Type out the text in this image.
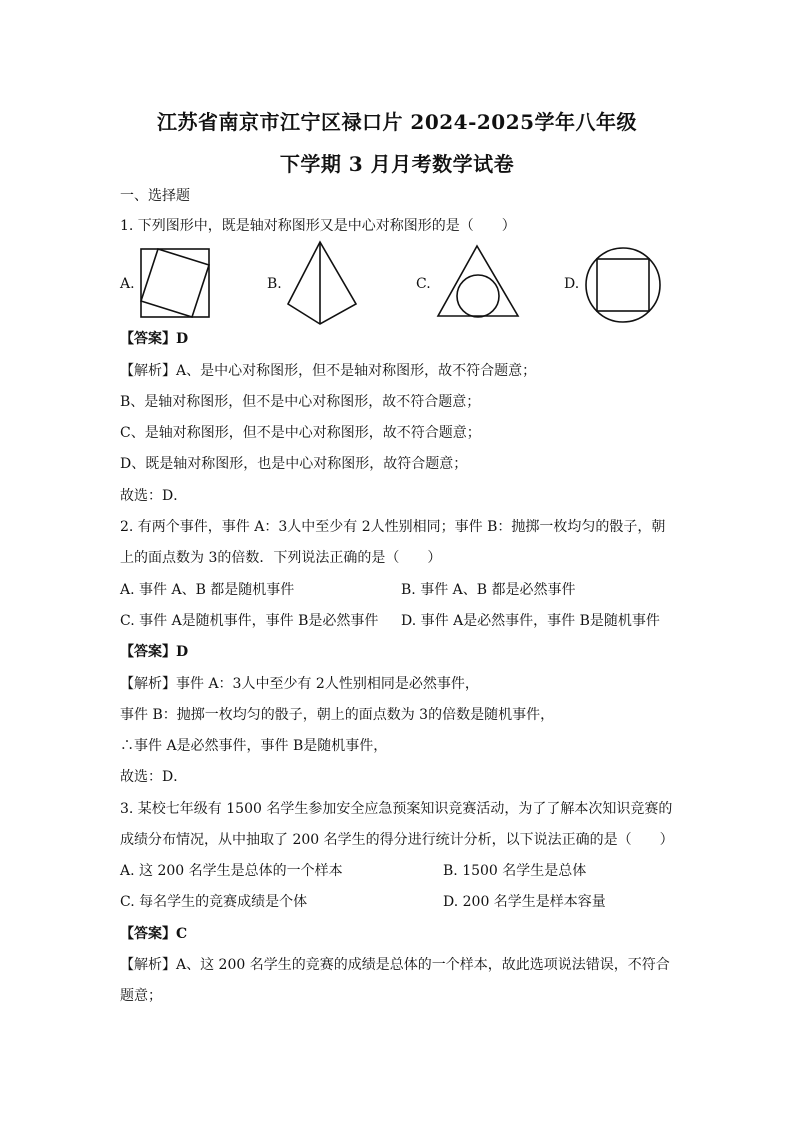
江苏省南京市江宁区禄口片 2024-2025学年八年级
下学期 3 月月考数学试卷
一、选择题
1. 下列图形中，既是轴对称图形又是中心对称图形的是（　　）
A.	B.	C.	D.
【答案】D
【解析】A、是中心对称图形，但不是轴对称图形，故不符合题意；
B、是轴对称图形，但不是中心对称图形，故不符合题意；
C、是轴对称图形，但不是中心对称图形，故不符合题意；
D、既是轴对称图形，也是中心对称图形，故符合题意；
故选：D．
2. 有两个事件，事件 A：3人中至少有 2人性别相同；事件 B：抛掷一枚均匀的骰子，朝
上的面点数为 3的倍数．下列说法正确的是（　　）
A. 事件 A、B 都是随机事件	B. 事件 A、B 都是必然事件
C. 事件 A是随机事件，事件 B是必然事件 D. 事件 A是必然事件，事件 B是随机事件
【答案】D
【解析】事件 A：3人中至少有 2人性别相同是必然事件，
事件 B：抛掷一枚均匀的骰子，朝上的面点数为 3的倍数是随机事件，
∴事件 A是必然事件，事件 B是随机事件，
故选：D．
3. 某校七年级有 1500 名学生参加安全应急预案知识竞赛活动，为了了解本次知识竞赛的
成绩分布情况，从中抽取了 200 名学生的得分进行统计分析，以下说法正确的是（　　）
A. 这 200 名学生是总体的一个样本	B. 1500 名学生是总体
C. 每名学生的竞赛成绩是个体	D. 200 名学生是样本容量
【答案】C
【解析】A、这 200 名学生的竞赛的成绩是总体的一个样本，故此选项说法错误，不符合
题意；
